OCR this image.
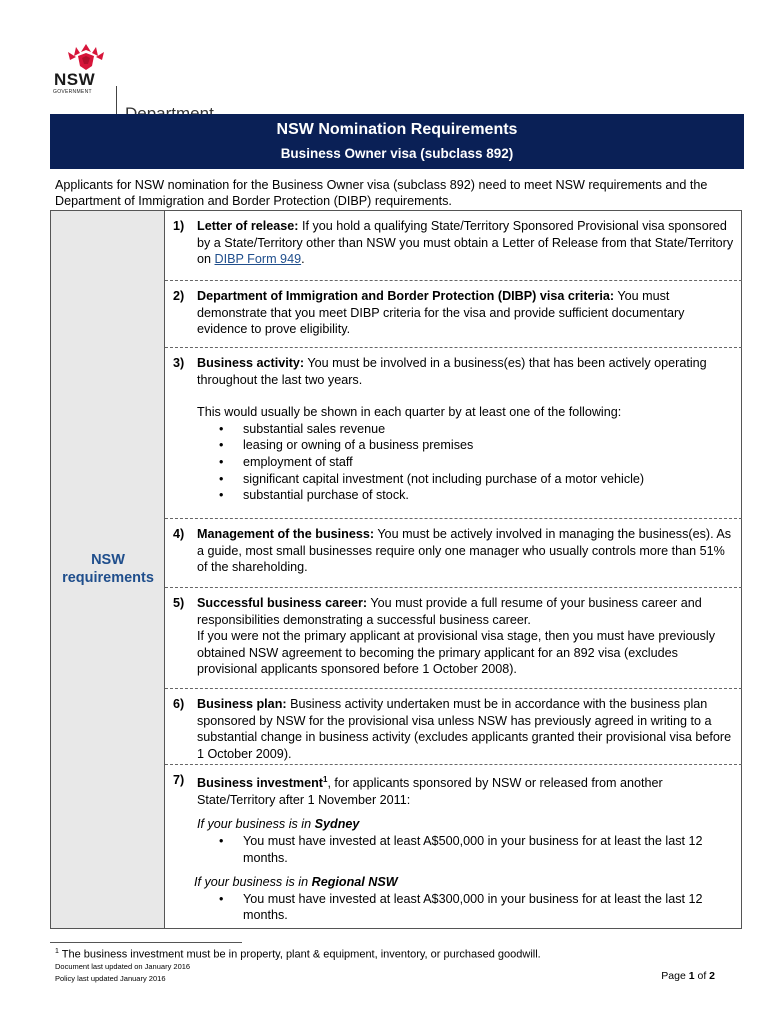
NSW
GOVERNMENT
NSW Nomination Requirements
Business Owner visa (subclass 892)
Applicants for NSW nomination for the Business Owner visa (subclass 892) need to meet NSW requirements and the Department of Immigration and Border Protection (DIBP) requirements.
NSW
requirements
1) Letter of release: If you hold a qualifying State/Territory Sponsored Provisional visa sponsored by a State/Territory other than NSW you must obtain a Letter of Release from that State/Territory on DIBP Form 949.
2) Department of Immigration and Border Protection (DIBP) visa criteria: You must demonstrate that you meet DIBP criteria for the visa and provide sufficient documentary evidence to prove eligibility.
3) Business activity: You must be involved in a business(es) that has been actively operating throughout the last two years.

This would usually be shown in each quarter by at least one of the following:

• substantial sales revenue
• leasing or owning of a business premises
• employment of staff
• significant capital investment (not including purchase of a motor vehicle)
• substantial purchase of stock.
4) Management of the business: You must be actively involved in managing the business(es). As a guide, most small businesses require only one manager who usually controls more than 51% of the shareholding.
5) Successful business career: You must provide a full resume of your business career and responsibilities demonstrating a successful business career.

If you were not the primary applicant at provisional visa stage, then you must have previously obtained NSW agreement to becoming the primary applicant for an 892 visa (excludes provisional applicants sponsored before 1 October 2008).

6) Business plan: Business activity undertaken must be in accordance with the business plan sponsored by NSW for the provisional visa unless NSW has previously agreed in writing to a substantial change in business activity (excludes applicants granted their provisional visa before 1 October 2009).
7) Business investment$^1$, for applicants sponsored by NSW or released from another State/Territory after 1 November 2011:

If your business is in Sydney

• You must have invested at least A$500,000 in your business for at least the last 12 months.

If your business is in Regional NSW

• You must have invested at least A$300,000 in your business for at least the last 12 months.
$^1$ The business investment must be in property, plant & equipment, inventory, or purchased goodwill.
Document last updated on January 2016
Policy last updated January 2016	Page 1 of 2
